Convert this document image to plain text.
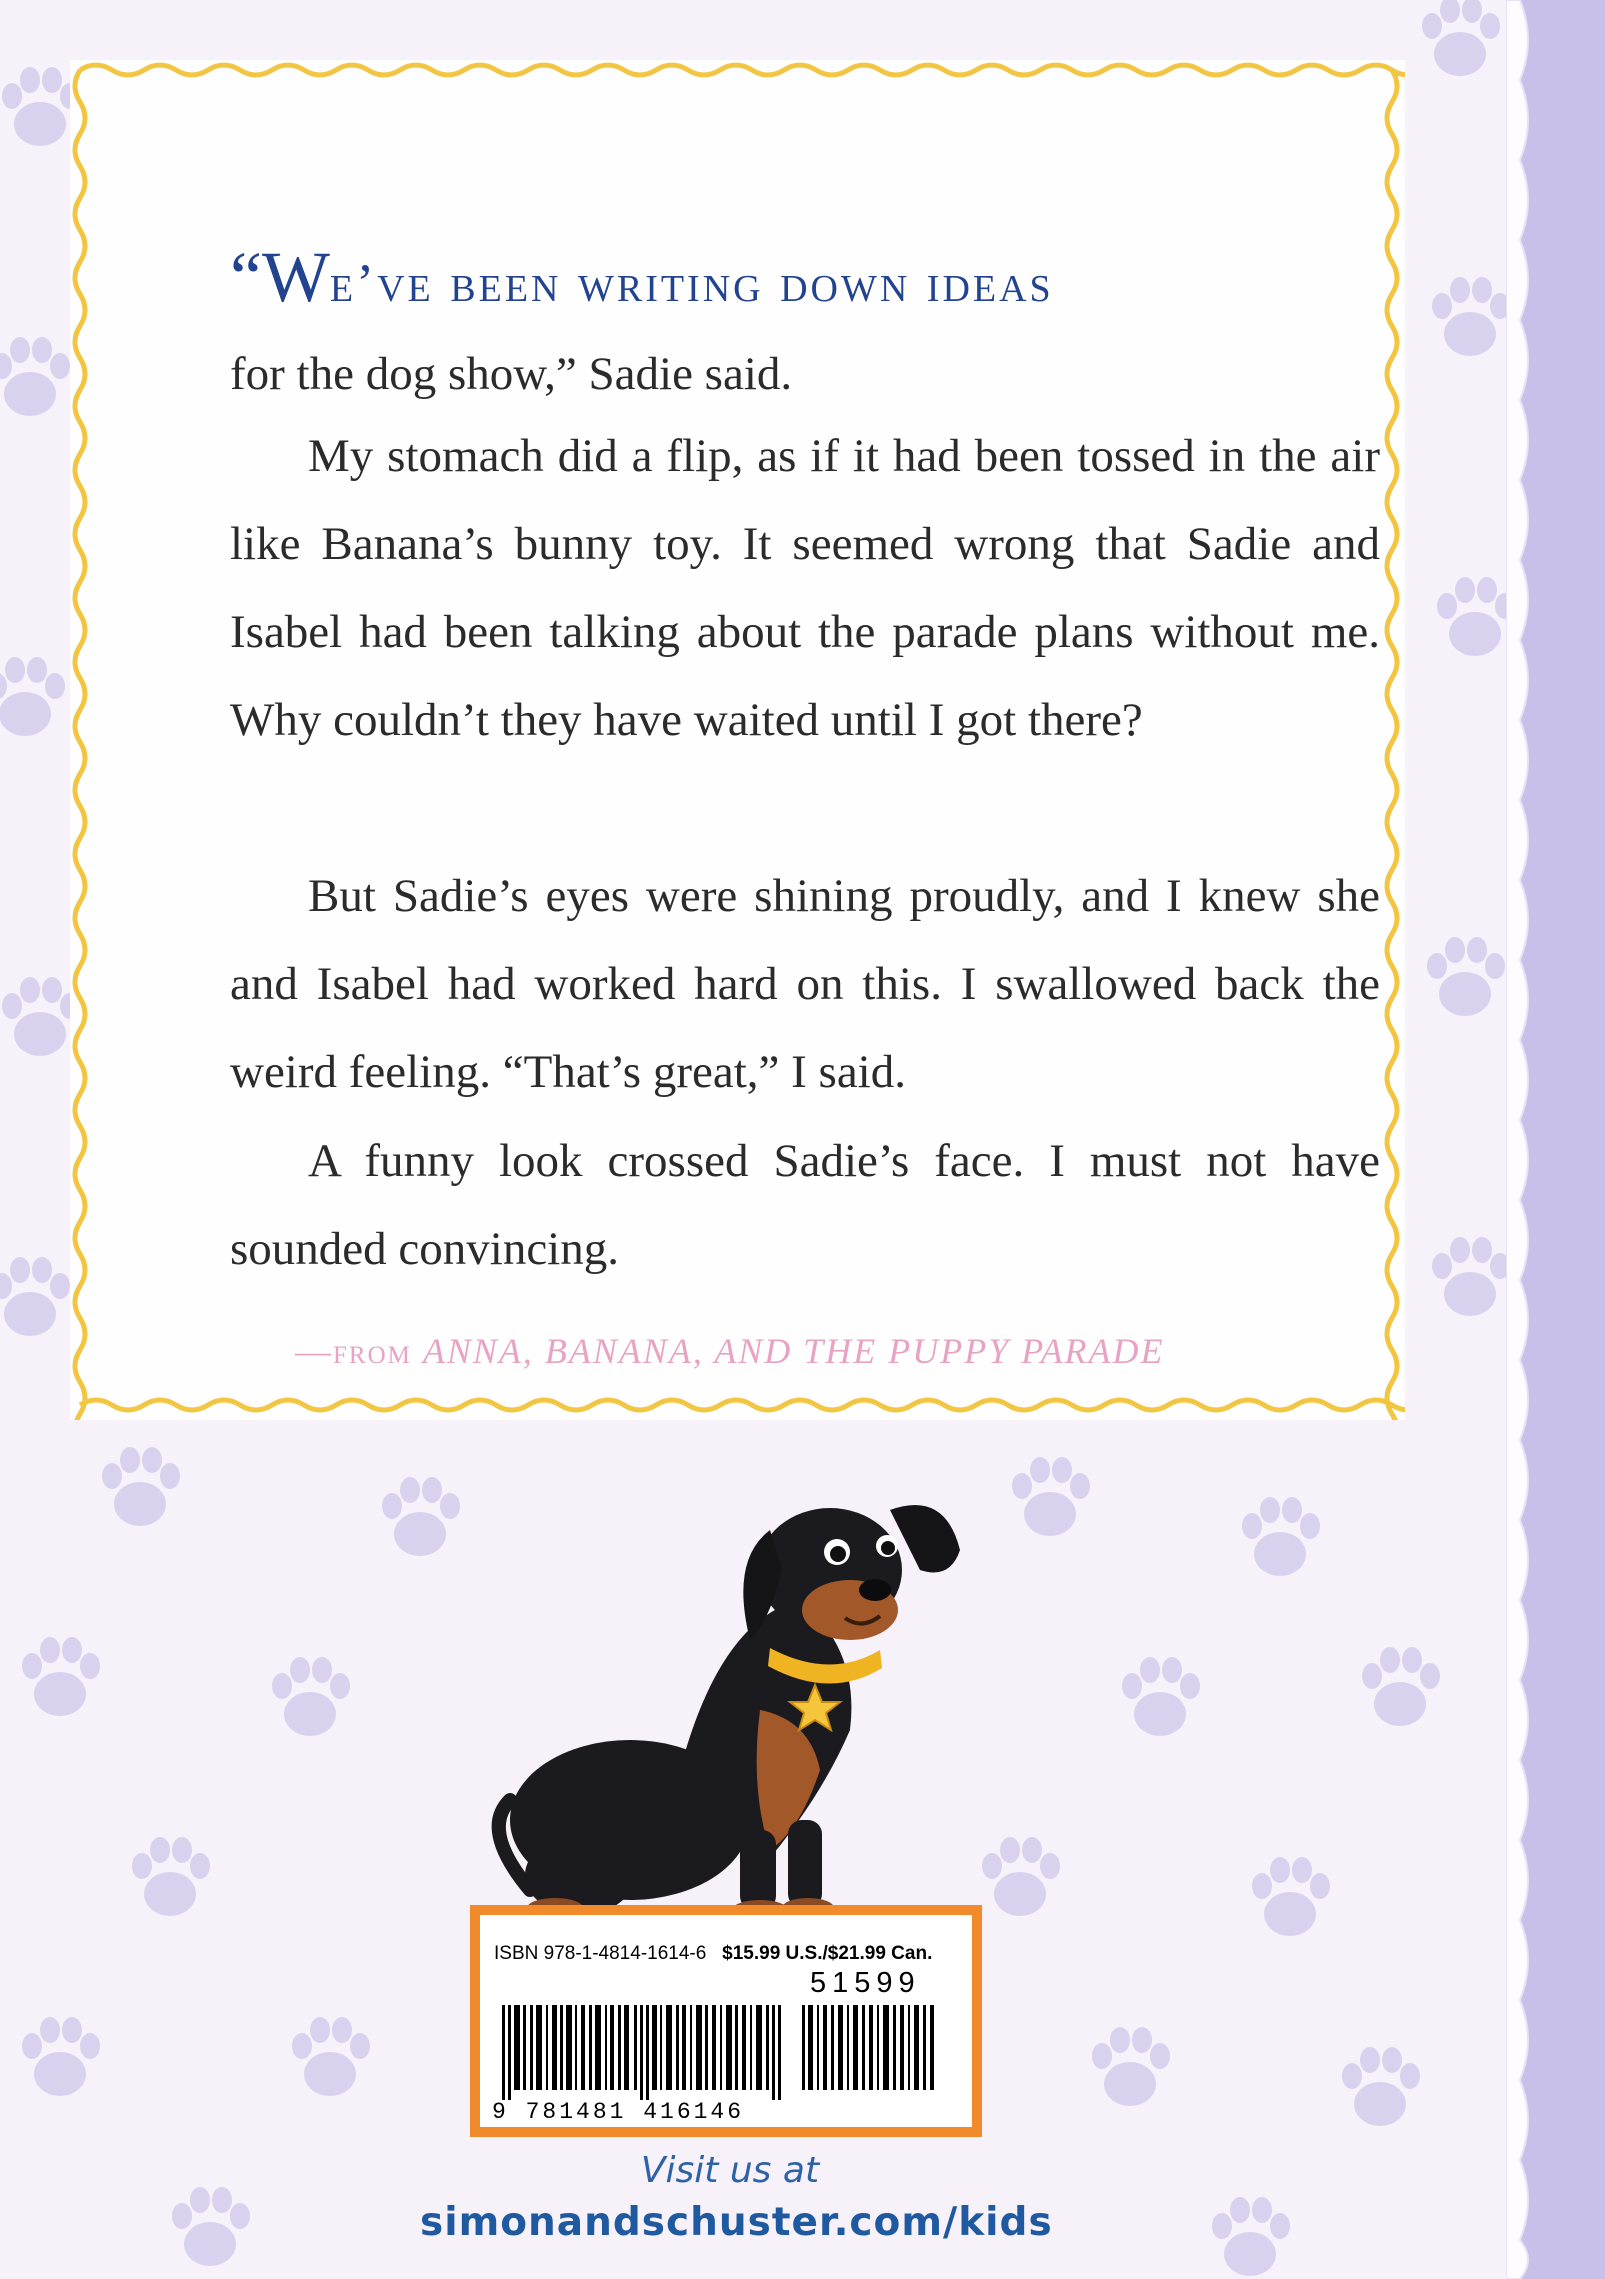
“We’ve been writing down ideas
for the dog show,” Sadie said.

My stomach did a flip, as if it had been tossed in the air like Banana’s bunny toy. It seemed wrong that Sadie and Isabel had been talking about the parade plans without me. Why couldn’t they have waited until I got there?

But Sadie’s eyes were shining proudly, and I knew she and Isabel had worked hard on this. I swallowed back the weird feeling. “That’s great,” I said.

A funny look crossed Sadie’s face. I must not have sounded convincing.

—from ANNA, BANANA, AND THE PUPPY PARADE
ISBN 978-1-4814-1614-6 $15.99 U.S./$21.99 Can.
51599
9 781481 416146
Visit us at
simonandschuster.com/kids
